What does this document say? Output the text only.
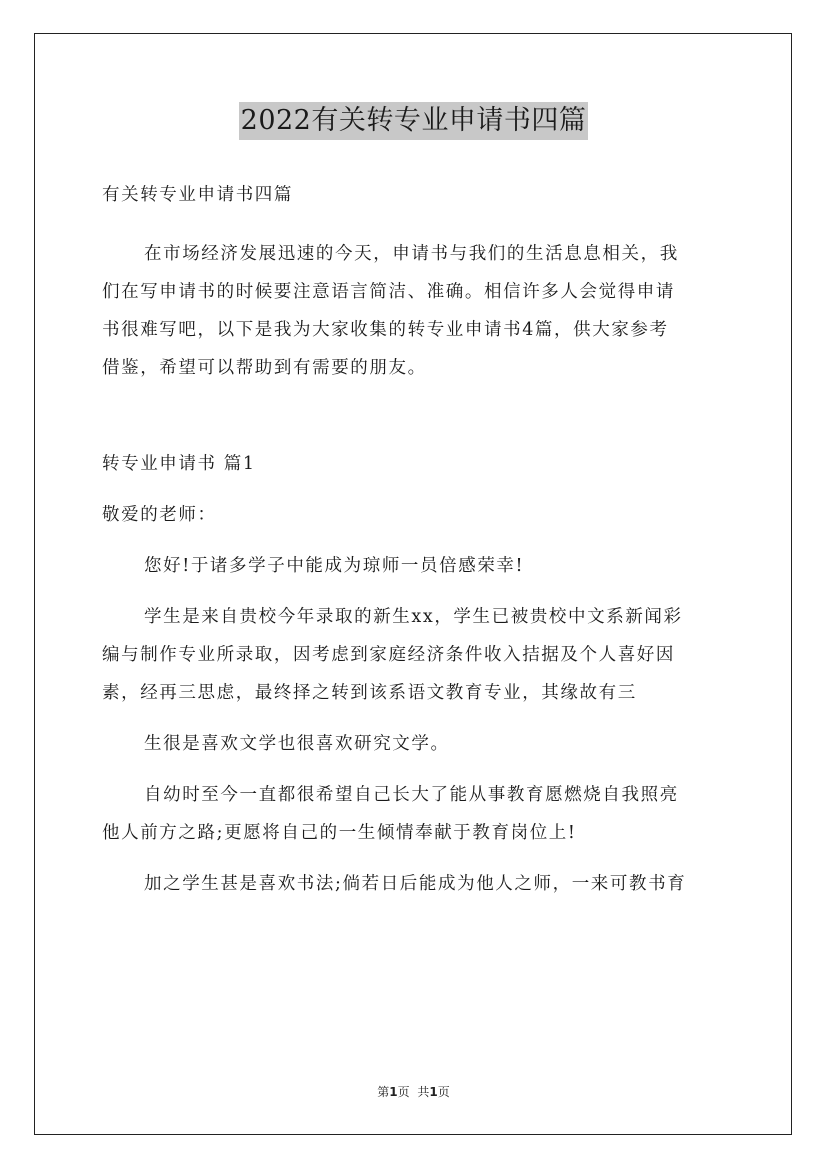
2022有关转专业申请书四篇

有关转专业申请书四篇

在市场经济发展迅速的今天，申请书与我们的生活息息相关，我

们在写申请书的时候要注意语言简洁、准确。相信许多人会觉得申请

书很难写吧，以下是我为大家收集的转专业申请书4篇，供大家参考

借鉴，希望可以帮助到有需要的朋友。

转专业申请书 篇1

敬爱的老师：

您好!于诸多学子中能成为琼师一员倍感荣幸!

学生是来自贵校今年录取的新生xx，学生已被贵校中文系新闻彩

编与制作专业所录取，因考虑到家庭经济条件收入拮据及个人喜好因

素，经再三思虑，最终择之转到该系语文教育专业，其缘故有三

生很是喜欢文学也很喜欢研究文学。

自幼时至今一直都很希望自己长大了能从事教育愿燃烧自我照亮

他人前方之路;更愿将自己的一生倾情奉献于教育岗位上!

加之学生甚是喜欢书法;倘若日后能成为他人之师，一来可教书育

第1页 共1页
